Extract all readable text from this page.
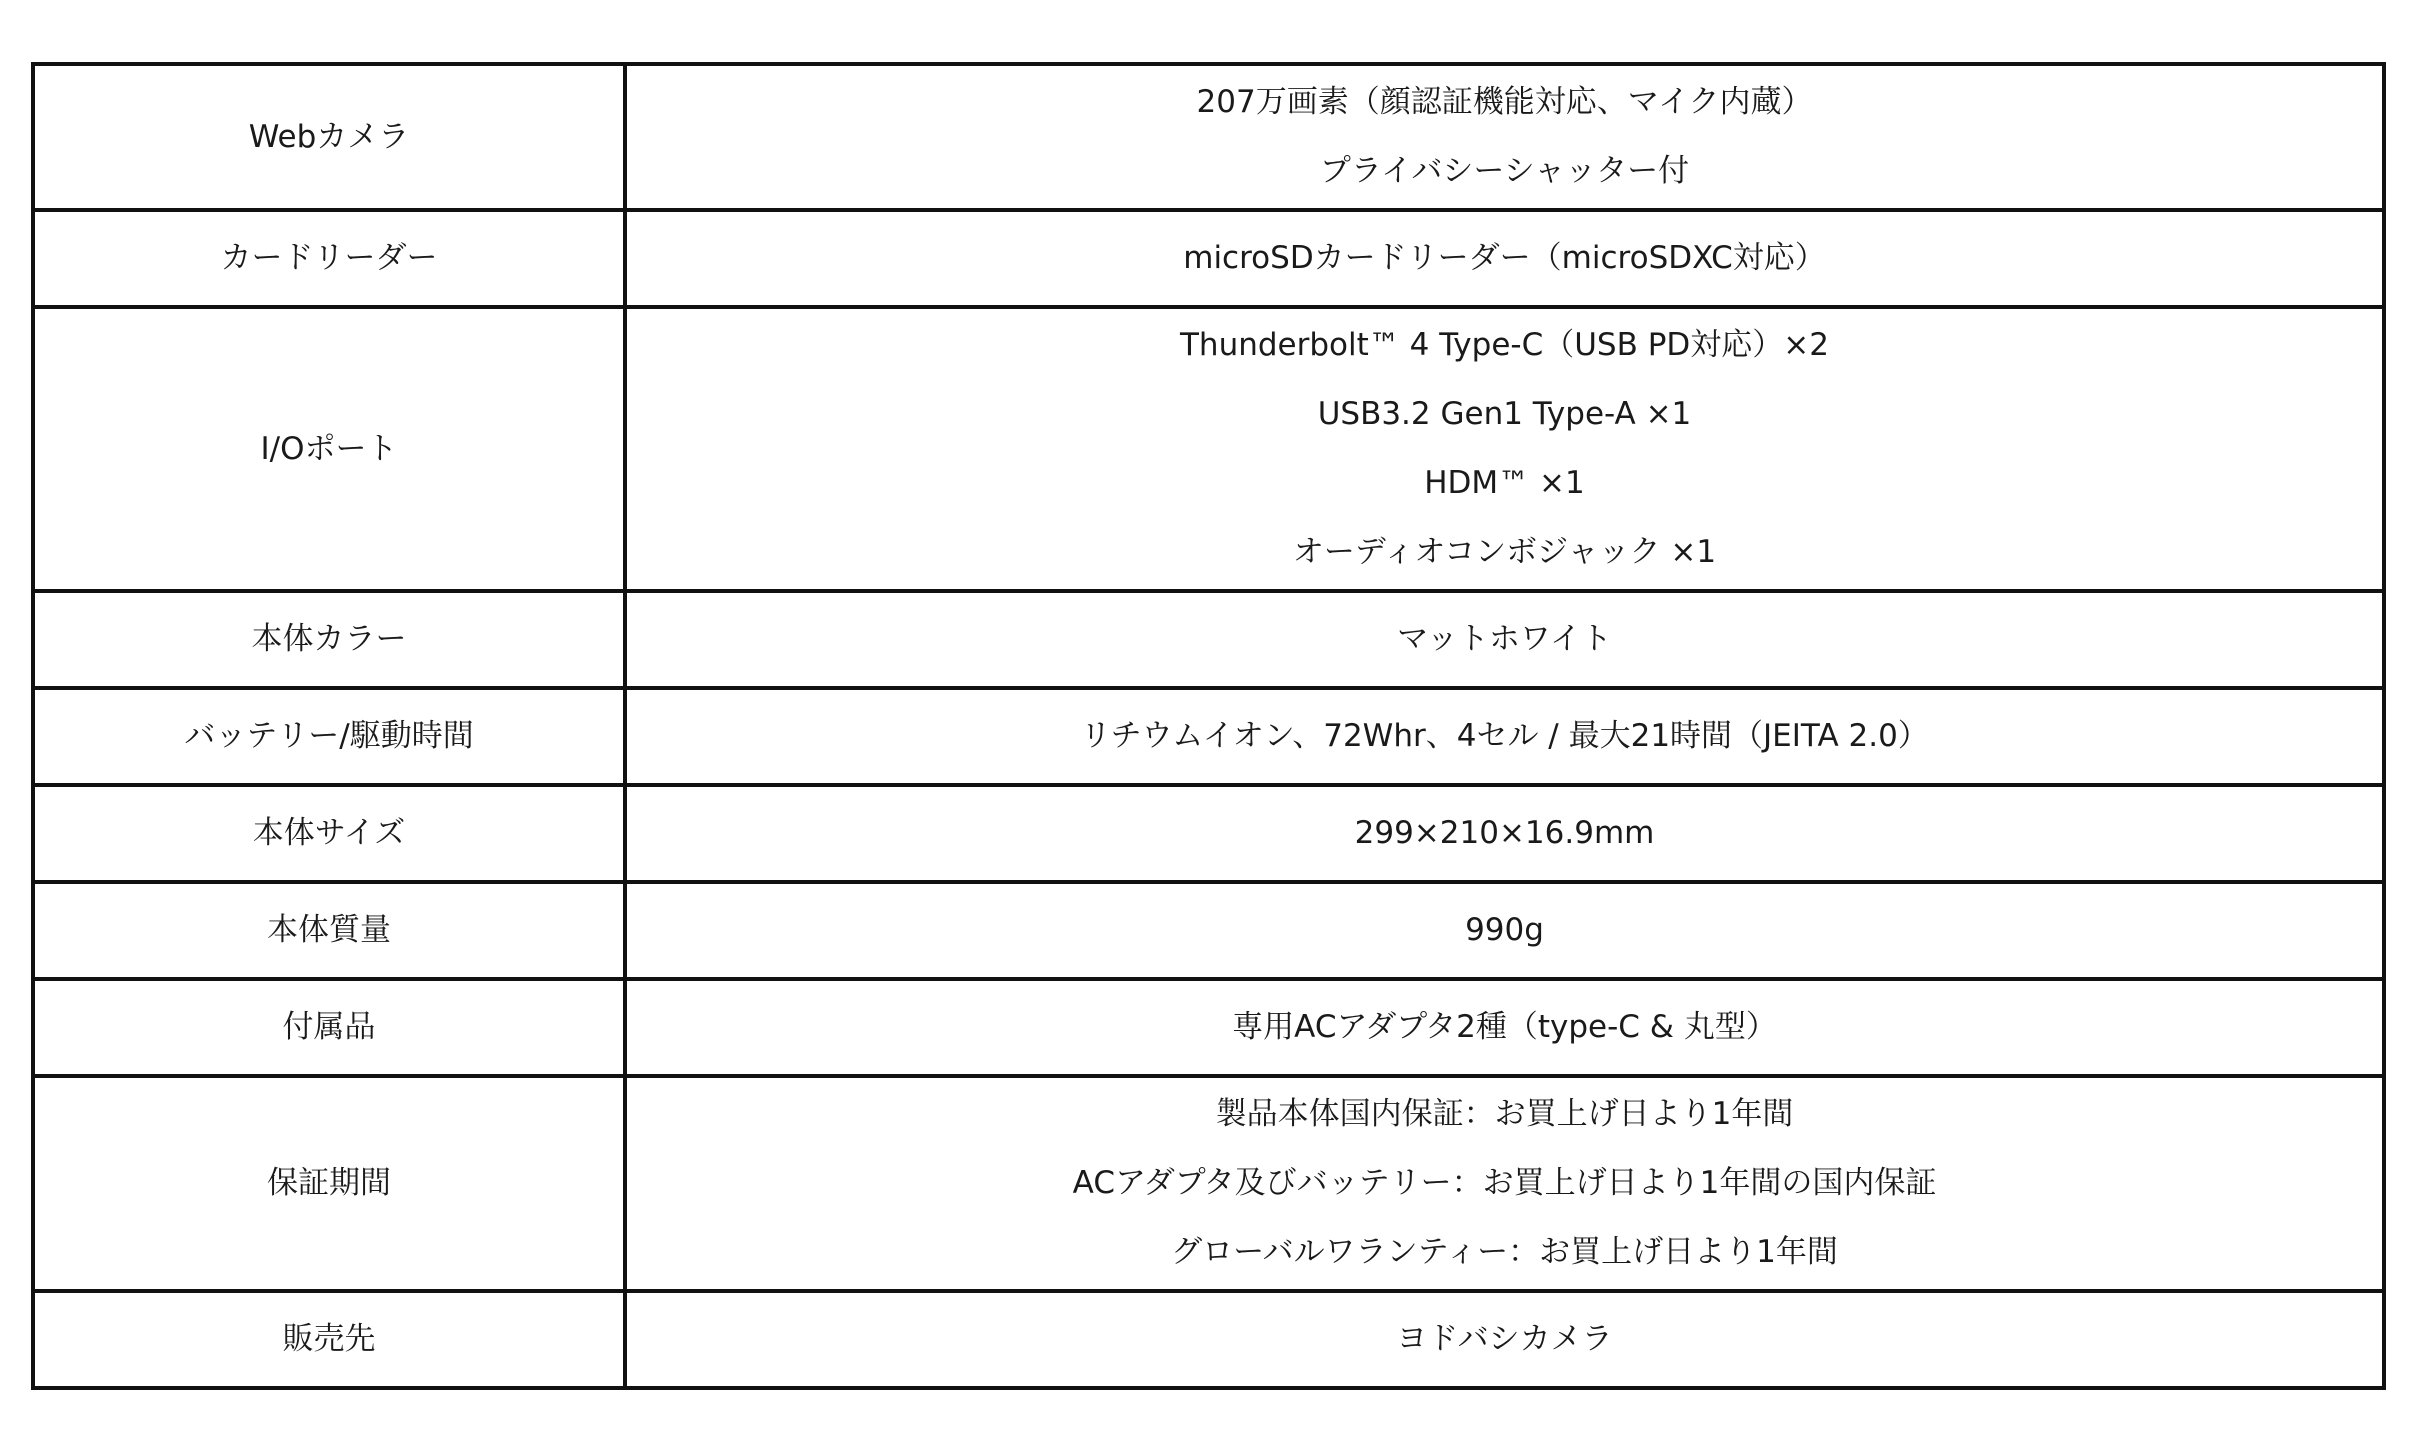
Webカメラ	207万画素（顔認証機能対応、マイク内蔵）
プライバシーシャッター付

カードリーダー	microSDカードリーダー（microSDXC対応）

I/Oポート	Thunderbolt™ 4 Type-C（USB PD対応）×2
USB3.2 Gen1 Type-A ×1
HDM™ ×1
オーディオコンボジャック ×1

本体カラー	マットホワイト

バッテリー/駆動時間	リチウムイオン、72Whr、4セル / 最大21時間（JEITA 2.0）

本体サイズ	299×210×16.9mm

本体質量	990g

付属品	専用ACアダプタ2種（type-C & 丸型）

保証期間	製品本体国内保証：お買上げ日より1年間
ACアダプタ及びバッテリー：お買上げ日より1年間の国内保証
グローバルワランティー：お買上げ日より1年間

販売先	ヨドバシカメラ
